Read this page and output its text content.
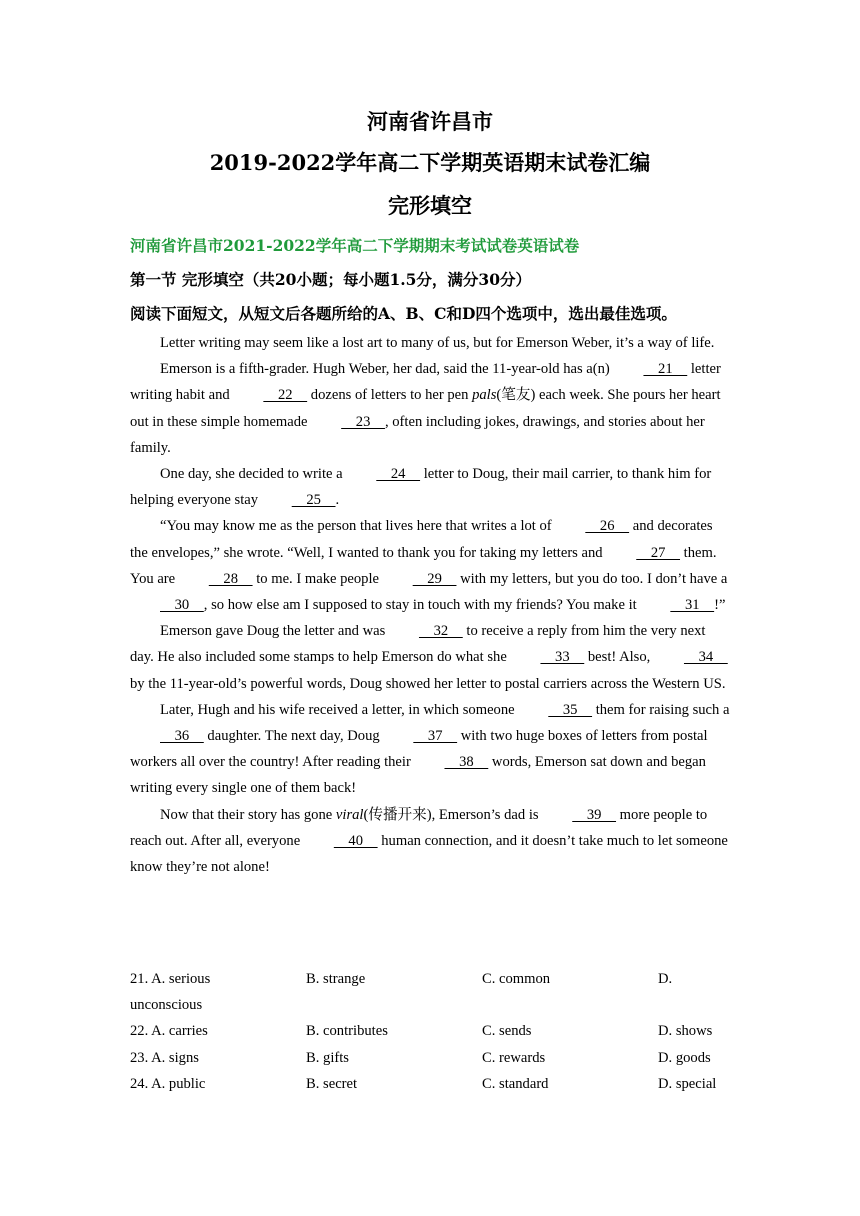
河南省许昌市
2019-2022学年高二下学期英语期末试卷汇编
完形填空
河南省许昌市2021-2022学年高二下学期期末考试试卷英语试卷
第一节 完形填空（共20小题；每小题1.5分，满分30分）
阅读下面短文，从短文后各题所给的A、B、C和D四个选项中，选出最佳选项。

Letter writing may seem like a lost art to many of us, but for Emerson Weber, it’s a way of life.

Emerson is a fifth-grader. Hugh Weber, her dad, said the 11-year-old has a(n)     21     letter writing habit and     22     dozens of letters to her pen pals(笔友) each week. She pours her heart out in these simple homemade     23    , often including jokes, drawings, and stories about her family.

One day, she decided to write a     24     letter to Doug, their mail carrier, to thank him for helping everyone stay     25    .

“You may know me as the person that lives here that writes a lot of     26     and decorates the envelopes,” she wrote. “Well, I wanted to thank you for taking my letters and     27     them. You are     28     to me. I make people     29     with my letters, but you do too. I don’t have a     30    , so how else am I supposed to stay in touch with my friends? You make it     31    !”

Emerson gave Doug the letter and was     32     to receive a reply from him the very next day. He also included some stamps to help Emerson do what she     33     best! Also,     34     by the 11-year-old’s powerful words, Doug showed her letter to postal carriers across the Western US.

Later, Hugh and his wife received a letter, in which someone     35     them for raising such a     36     daughter. The next day, Doug     37     with two huge boxes of letters from postal workers all over the country! After reading their     38     words, Emerson sat down and began writing every single one of them back!

Now that their story has gone viral(传播开来), Emerson’s dad is     39     more people to reach out. After all, everyone     40     human connection, and it doesn’t take much to let someone know they’re not alone!

21. A. serious	B. strange	C. common	D.
unconscious
22. A. carries	B. contributes	C. sends	D. shows
23. A. signs	B. gifts	C. rewards	D. goods
24. A. public	B. secret	C. standard	D. special
